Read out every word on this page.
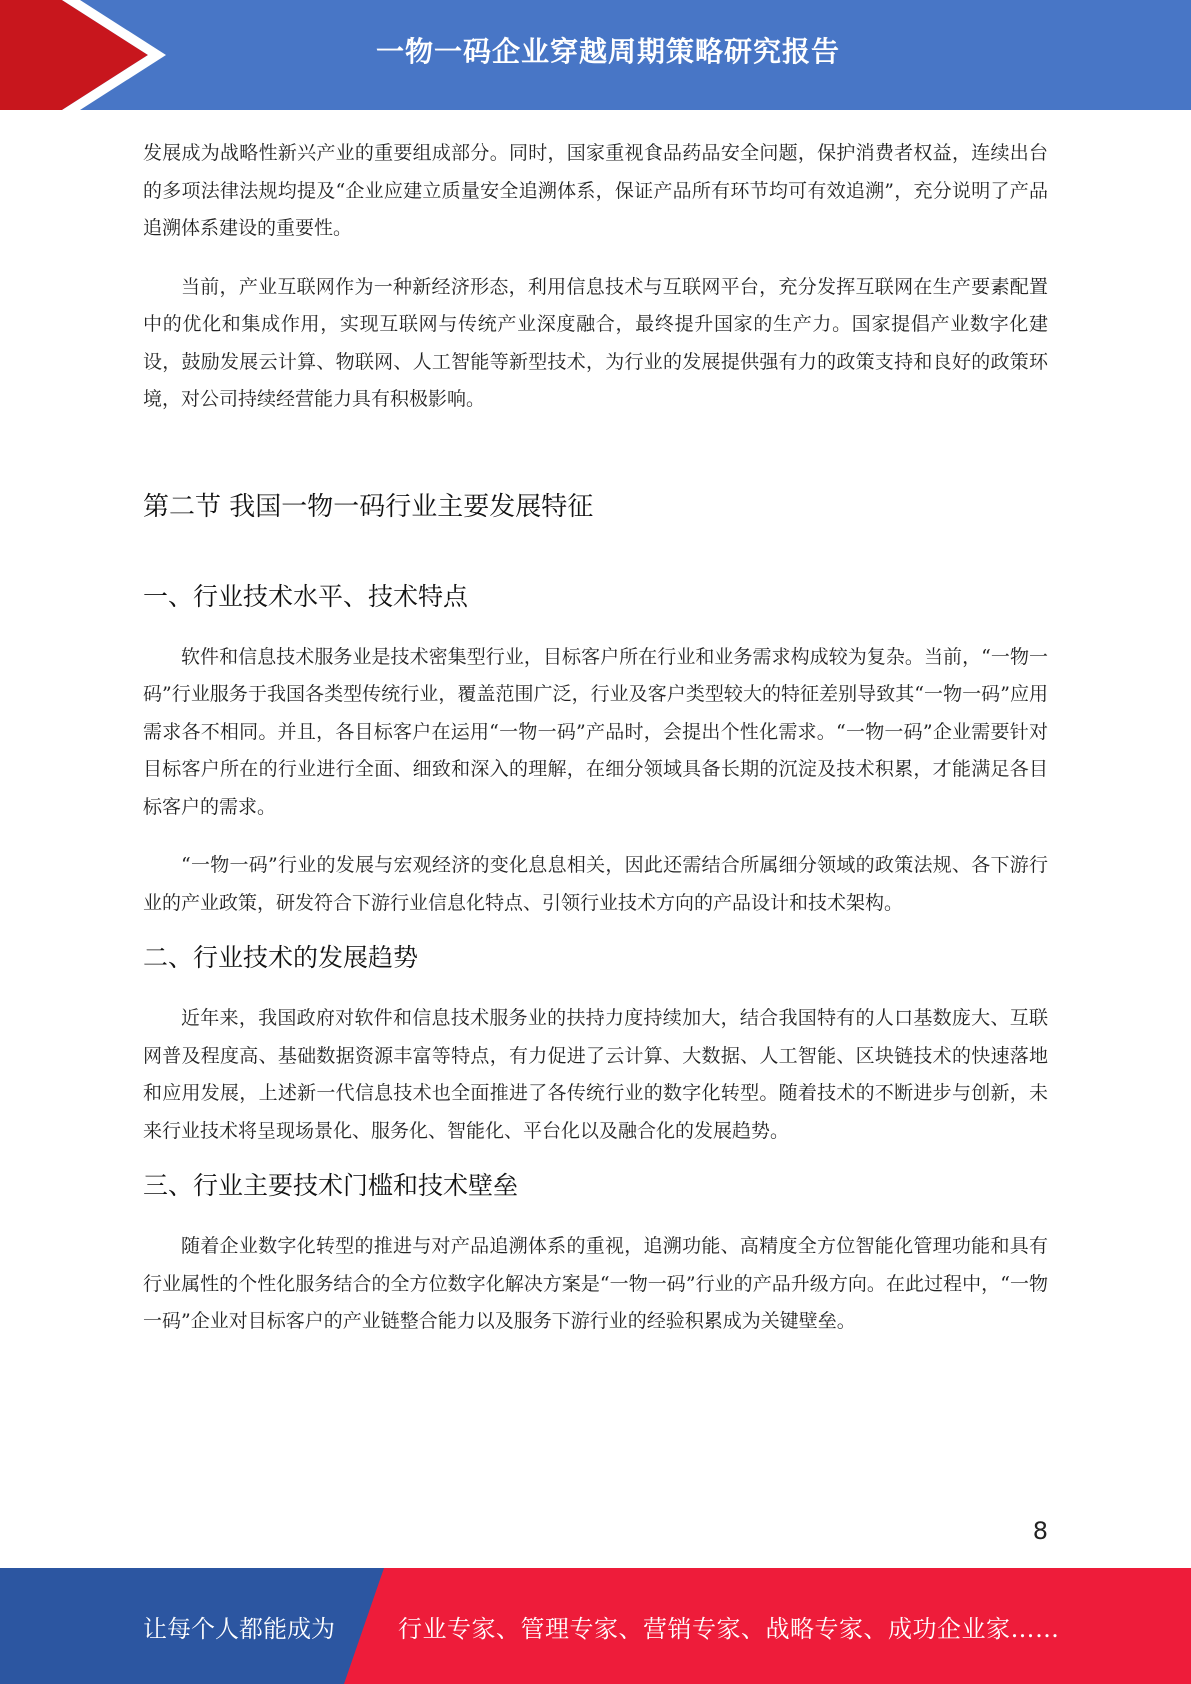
一物一码企业穿越周期策略研究报告

发展成为战略性新兴产业的重要组成部分。同时，国家重视食品药品安全问题，保护消费者权益，连续出台的多项法律法规均提及“企业应建立质量安全追溯体系，保证产品所有环节均可有效追溯”，充分说明了产品追溯体系建设的重要性。

当前，产业互联网作为一种新经济形态，利用信息技术与互联网平台，充分发挥互联网在生产要素配置中的优化和集成作用，实现互联网与传统产业深度融合，最终提升国家的生产力。国家提倡产业数字化建设，鼓励发展云计算、物联网、人工智能等新型技术，为行业的发展提供强有力的政策支持和良好的政策环境，对公司持续经营能力具有积极影响。

第二节 我国一物一码行业主要发展特征
一、行业技术水平、技术特点

软件和信息技术服务业是技术密集型行业，目标客户所在行业和业务需求构成较为复杂。当前，“一物一码”行业服务于我国各类型传统行业，覆盖范围广泛，行业及客户类型较大的特征差别导致其“一物一码”应用需求各不相同。并且，各目标客户在运用“一物一码”产品时，会提出个性化需求。“一物一码”企业需要针对目标客户所在的行业进行全面、细致和深入的理解，在细分领域具备长期的沉淀及技术积累，才能满足各目标客户的需求。

“一物一码”行业的发展与宏观经济的变化息息相关，因此还需结合所属细分领域的政策法规、各下游行业的产业政策，研发符合下游行业信息化特点、引领行业技术方向的产品设计和技术架构。

二、行业技术的发展趋势

近年来，我国政府对软件和信息技术服务业的扶持力度持续加大，结合我国特有的人口基数庞大、互联网普及程度高、基础数据资源丰富等特点，有力促进了云计算、大数据、人工智能、区块链技术的快速落地和应用发展，上述新一代信息技术也全面推进了各传统行业的数字化转型。随着技术的不断进步与创新，未来行业技术将呈现场景化、服务化、智能化、平台化以及融合化的发展趋势。

三、行业主要技术门槛和技术壁垒

随着企业数字化转型的推进与对产品追溯体系的重视，追溯功能、高精度全方位智能化管理功能和具有行业属性的个性化服务结合的全方位数字化解决方案是“一物一码”行业的产品升级方向。在此过程中，“一物一码”企业对目标客户的产业链整合能力以及服务下游行业的经验积累成为关键壁垒。

8
让每个人都能成为	行业专家、管理专家、营销专家、战略专家、成功企业家……
